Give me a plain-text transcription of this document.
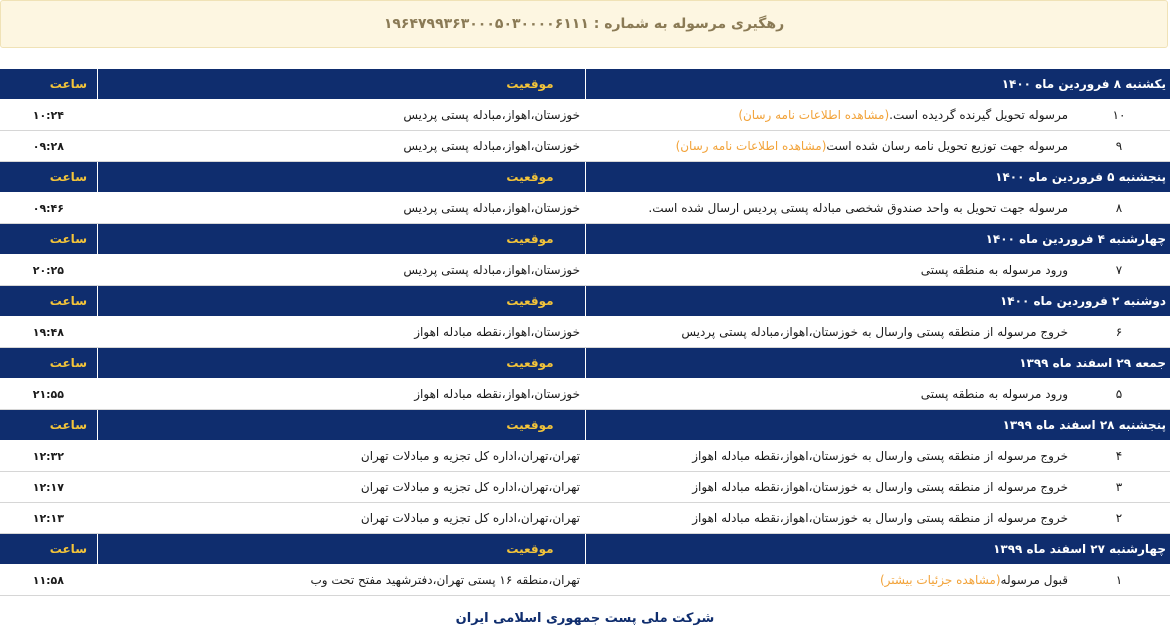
رهگیری مرسوله به شماره : ۱۹۶۴۷۹۹۳۶۳۰۰۰۵۰۳۰۰۰۰۶۱۱۱
یکشنبه ۸ فروردین ماه ۱۴۰۰
موقعیت
ساعت
۱۰
مرسوله تحویل گیرنده گردیده است.(مشاهده اطلاعات نامه رسان)
خوزستان،اهواز،مبادله پستی پردیس
۱۰:۲۴
۹
مرسوله جهت توزیع تحویل نامه رسان شده است(مشاهده اطلاعات نامه رسان)
خوزستان،اهواز،مبادله پستی پردیس
۰۹:۲۸
پنجشنبه ۵ فروردین ماه ۱۴۰۰
موقعیت
ساعت
۸
مرسوله جهت تحویل به واحد صندوق شخصی مبادله پستی پردیس ارسال شده است.
خوزستان،اهواز،مبادله پستی پردیس
۰۹:۴۶
چهارشنبه ۴ فروردین ماه ۱۴۰۰
موقعیت
ساعت
۷
ورود مرسوله به منطقه پستی
خوزستان،اهواز،مبادله پستی پردیس
۲۰:۲۵
دوشنبه ۲ فروردین ماه ۱۴۰۰
موقعیت
ساعت
۶
خروج مرسوله از منطقه پستی وارسال به خوزستان،اهواز،مبادله پستی پردیس
خوزستان،اهواز،نقطه مبادله اهواز
۱۹:۴۸
جمعه ۲۹ اسفند ماه ۱۳۹۹
موقعیت
ساعت
۵
ورود مرسوله به منطقه پستی
خوزستان،اهواز،نقطه مبادله اهواز
۲۱:۵۵
پنجشنبه ۲۸ اسفند ماه ۱۳۹۹
موقعیت
ساعت
۴
خروج مرسوله از منطقه پستی وارسال به خوزستان،اهواز،نقطه مبادله اهواز
تهران،تهران،اداره کل تجزیه و مبادلات تهران
۱۲:۳۲
۳
خروج مرسوله از منطقه پستی وارسال به خوزستان،اهواز،نقطه مبادله اهواز
تهران،تهران،اداره کل تجزیه و مبادلات تهران
۱۲:۱۷
۲
خروج مرسوله از منطقه پستی وارسال به خوزستان،اهواز،نقطه مبادله اهواز
تهران،تهران،اداره کل تجزیه و مبادلات تهران
۱۲:۱۳
چهارشنبه ۲۷ اسفند ماه ۱۳۹۹
موقعیت
ساعت
۱
قبول مرسوله(مشاهده جزئیات بیشتر)
تهران،منطقه ۱۶ پستی تهران،دفترشهید مفتح تحت وب
۱۱:۵۸
شرکت ملی پست جمهوری اسلامی ایران
